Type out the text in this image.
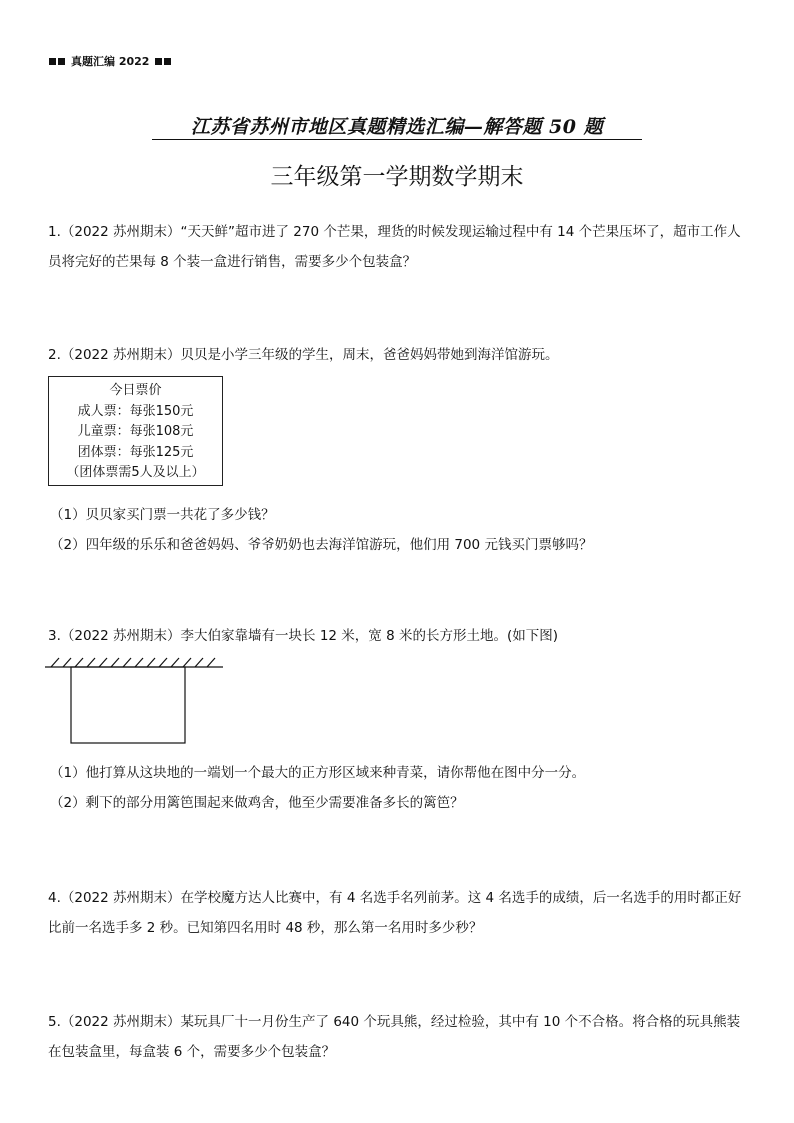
真题汇编 2022
江苏省苏州市地区真题精选汇编—解答题 50 题
三年级第一学期数学期末
1.（2022 苏州期末）“天天鲜”超市进了 270 个芒果，理货的时候发现运输过程中有 14 个芒果压坏了，超市工作人
员将完好的芒果每 8 个装一盒进行销售，需要多少个包装盒？
2.（2022 苏州期末）贝贝是小学三年级的学生，周末，爸爸妈妈带她到海洋馆游玩。
今日票价
成人票：每张150元
儿童票：每张108元
团体票：每张125元
（团体票需5人及以上）
（1）贝贝家买门票一共花了多少钱？
（2）四年级的乐乐和爸爸妈妈、爷爷奶奶也去海洋馆游玩，他们用 700 元钱买门票够吗？
3.（2022 苏州期末）李大伯家靠墙有一块长 12 米，宽 8 米的长方形土地。(如下图)
（1）他打算从这块地的一端划一个最大的正方形区域来种青菜，请你帮他在图中分一分。
（2）剩下的部分用篱笆围起来做鸡舍，他至少需要准备多长的篱笆？
4.（2022 苏州期末）在学校魔方达人比赛中，有 4 名选手名列前茅。这 4 名选手的成绩，后一名选手的用时都正好
比前一名选手多 2 秒。已知第四名用时 48 秒，那么第一名用时多少秒？
5.（2022 苏州期末）某玩具厂十一月份生产了 640 个玩具熊，经过检验，其中有 10 个不合格。将合格的玩具熊装
在包装盒里，每盒装 6 个，需要多少个包装盒？
